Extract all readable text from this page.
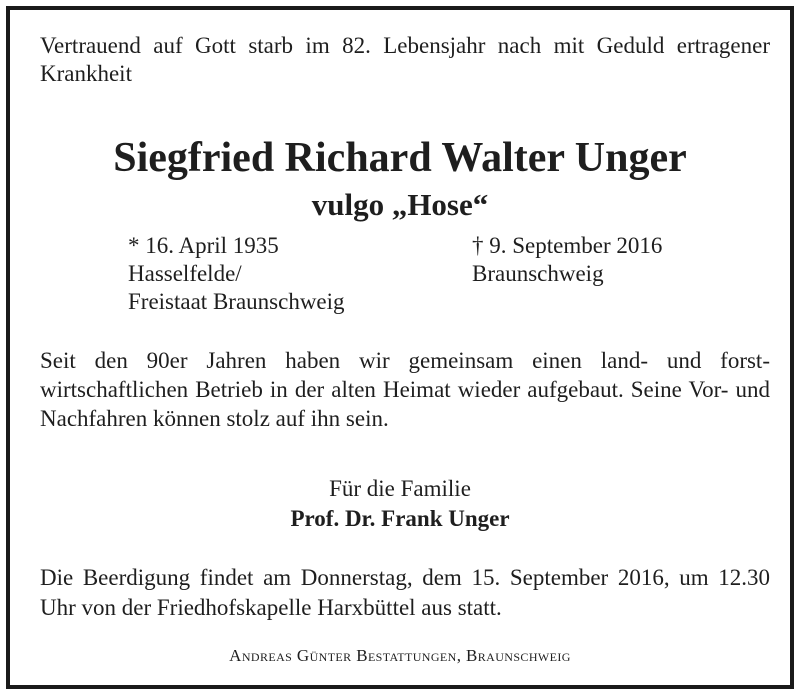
Vertrauend auf Gott starb im 82. Lebensjahr nach mit Geduld ertragener Krankheit
Siegfried Richard Walter Unger
vulgo „Hose“
* 16. April 1935
Hasselfelde/
Freistaat Braunschweig
† 9. September 2016
Braunschweig
Seit den 90er Jahren haben wir gemeinsam einen land- und forstwirtschaftlichen Betrieb in der alten Heimat wieder aufgebaut. Seine Vor- und Nachfahren können stolz auf ihn sein.
Für die Familie
Prof. Dr. Frank Unger
Die Beerdigung findet am Donnerstag, dem 15. September 2016, um 12.30 Uhr von der Friedhofskapelle Harxbüttel aus statt.
Andreas Günter Bestattungen, Braunschweig
